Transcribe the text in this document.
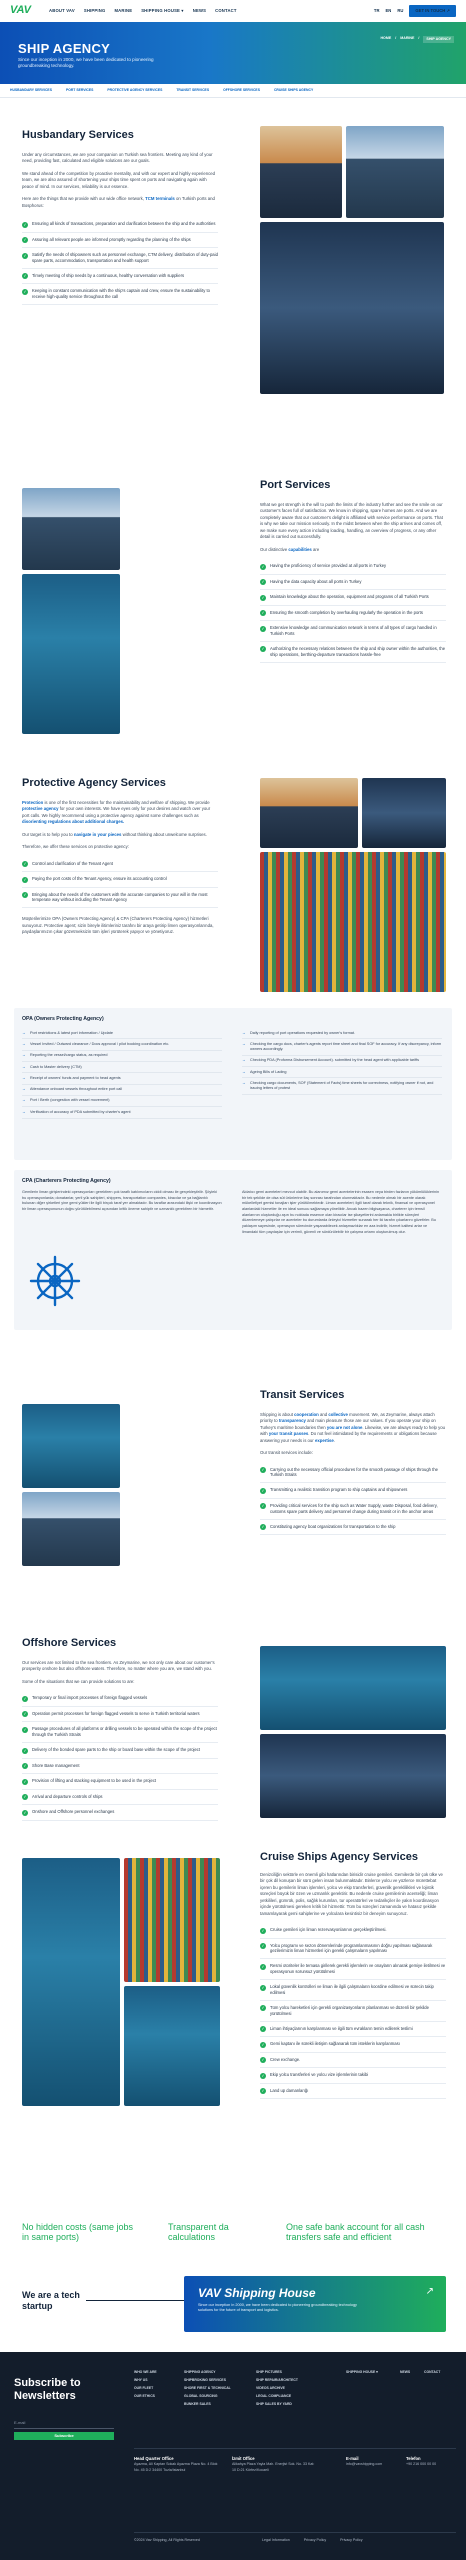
VAV	ABOUT VAV SHIPPING MARINE SHIPPING HOUSE ▾ NEWS CONTACT	TR EN RU	GET IN TOUCH ↗
SHIP AGENCY

Since our inception in 2000, we have been dedicated to pioneering groundbreaking technology.

HOME / MARINE /	SHIP AGENCY
HUSBANDARY SERVICES	PORT SERVICES	PROTECTIVE AGENCY SERVICES	TRANSIT SERVICES	OFFSHORE SERVICES	CRUISE SHIPS AGENCY
Husbandary Services

Under any circumstances, we are your companion on Turkish sea frontiers. Meeting any kind of your need, providing fast, calculated and eligible solutions are our goals.

We stand ahead of the competition by proactive mentality, and with our expert and highly experienced team, we are also assured of shortening your ships time spent on ports and navigating again with peace of mind. In our services, reliability is our essence.

Here are the things that we provide with our wide office network, TCM terminals on Turkish ports and Bosphorus:

✓	Ensuring all kinds of transactions, preparation and clarification between the ship and the authorities
✓	Assuring all relevant people are informed promptly regarding the planning of the ships
✓	Satisfy the needs of shipowners such as personnel exchange, CTM delivery, distribution of duty-paid spare parts, accommodation, transportation and health support
✓	Timely meeting of ship needs by a continuous, healthy conversation with suppliers
✓	Keeping in constant communication with the ship's captain and crew, ensure the sustainability to receive high-quality service throughout the call
Port Services

What we get strength is the will to push the limits of the industry further and see the smile on our customer's faces full of satisfaction. We know in shipping, spare homes are ports. And we are completely aware that our customer's delight is affiliated with service performance on ports. That is why we take our mission seriously. In the midst between when the ship arrives and comes off, we make sure every action including loading, handling, an overview of progress, or any other detail is carried out successfully.

Our distinctive capabilities are

✓	Having the proficiency of service provided at all ports in Turkey
✓	Having the data capacity about all ports in Turkey
✓	Maintain knowledge about the operation, equipment and programs of all Turkish Ports
✓	Ensuring the smooth completion by overhauling regularly the operation in the ports
✓	Extensive knowledge and communication network in terms of all types of cargo handled in Turkish Ports
✓	Authorizing the necessary relations between the ship and ship owner within the authorities, the ship operations, berthing-departure transactions hassle-free
Protective Agency Services

Protection is one of the first necessities for the maintainability and welfare of shipping. We provide protective agency for your own interests. We have eyes only for your desires and watch over your port calls. We highly recommend using a protective agency against some challenges such as disorienting regulations about additional charges.

Our target is to help you to navigate in your pieces without thinking about unwelcome surprises.

Therefore, we offer these services on protective agency:

✓	Control and clarification of the Tenant Agent
✓	Paying the port costs of the Tenant Agency, ensure its accounting control
✓	Bringing about the needs of the customers with the accurate companies to your will in the most temperate way without including the Tenant Agency

Müşterilerimize OPA (Owners Protecting Agency) & CPA (Charterers Protecting Agency) hizmetleri sunuyoruz. Protective agent; sizin bireyle ilitimleriniz tarafını bir araya getirip limen operasyonlarında, paydaşlarımızın çıkar gözetmeksizin tüm işleri yürüterek yapıyor ve yönetiyoruz.

OPA (Owners Protecting Agency)
→ Port restrictions & latest port information / Update
→ Vessel Invited / Outward clearance / Docs approval / pilot booking coordination etc.
→ Reporting the vessel/cargo status, as required
→ Cash to Master delivery (CTM)
→ Receipt of owners' funds and payment to head agents
→ Attendance onboard vessels throughout entire port call
→ Port / Berth (congestion with vessel movement)
→ Verification of accuracy of PDA submitted by charter's agent
→ Daily reporting of port operations requested by owner's format.
→ Checking the cargo docs, charter's agents report time sheet and final SOF for accuracy. If any discrepancy, inform owners accordingly.
→ Checking PDA (Proforma Disbursement Account). submitted by the head agent with applicable tariffs
→ Ageing Bills of Lading
→ Checking cargo documents, SOF (Statement of Facts) time sheets for correctness, notifying owner if not, and issuing letters of protest
CPA (Charterers Protecting Agency)

Gemilerin liman girişlerindeki operasyonları gerektiren çok taraflı katılımcıların ciddi olması ile gerçekleştirilir. Şöyleki bu operasyonlarda; donatanlar, yerli yük sahipleri, shippers, transportation companies, kiracılar ve ya bağlantılı bulunan diğer şirketleri yine gemi yükleri ile ilgili birçok taraf yer almaktadır. Bu taraflar arasındaki ilişki ve koordinasyon bir liman operasyonunun doğru yürütülebilmesi açısından kritik öneme sahiptir ve uzmanlık gerektiren bir hizmettir.

Aldatıcı gemi acenteleri mevcut olabilir. Bu alanımız gemi acentelerinin esasen veya birden fazlanın yükümlülüklerinin bir tek şekilde de olsa süt ürünlerine ilaç sonrası tarafından olunmaktadır. Bu nedenle olmalı bir acente olarak mükellefiyet gemisi tonajları işler yürütülmektedir. Liman acenteleri; ilgili taraf olarak teknik, finansal ve operasyonel alanlardaki hizmetler ile en ideal sonucu sağlamaya yöneliktir. Ancak bazen bilgisayarca, charterer için temsil alanlarının oluşturduğu aşırı bu noktada essence olan kiracılar ise şikayetlerini anlamakla birlikte süreçleri düzenlemeye çalışırlar ve acenteler bu durumlarda önleyici hizmetler sunarak her iki tarafın çıkarlarını gözetirler. Bu yaklaşım sayesinde, operasyon sürecinde yaşanabilecek anlaşmazlıklar en aza indirilir, hizmet kalitesi artar ve limandaki tüm paydaşlar için verimli, güvenli ve sürdürülebilir bir çalışma ortamı oluşturulmuş olur.

Transit Services

Shipping is about cooperation and collective movement. We, as Zeymarine, always attach priority to transparency and main pleasure those are our values. If you operate your ship on Turkey's maritime boundaries then you are not alone. Likewise, we are always ready to help you with your transit passes. Do not feel intimidated by the requirements or obligations because answering your needs is our expertise.

Our transit services include:

✓	Carrying out the necessary official procedures for the smooth passage of ships through the Turkish Straits
✓	Transmitting a realistic transition program to ship captains and shipowners
✓	Providing critical services for the ship such as Water Supply, waste Disposal, food delivery, customs spare parts delivery and personnel change during transit or in the anchor areas
✓	Constituting agency boat organizations for transportation to the ship
Offshore Services

Our services are not limited to the sea frontiers. As Zeymarine, we not only care about our customer's prosperity onshore but also offshore waters. Therefore, no matter where you are, we stand with you.

Some of the situations that we can provide solutions to are:

✓	Temporary or final import processes of foreign flagged vessels
✓	Operation permit processes for foreign flagged vessels to serve in Turkish territorial waters
✓	Passage procedures of all platforms or drilling vessels to be operated within the scope of the project through the Turkish Straits
✓	Delivery of the bonded spare parts to the ship or board base within the scope of the project
✓	Shore Base management
✓	Provision of lifting and stacking equipment to be used in the project
✓	Arrival and departure controls of ships
✓	Onshore and Offshore personnel exchanges
Cruise Ships Agency Services

Denizciliğin sektörle en önemli gibi hatlarından birisidir cruise gemileri. Gemilerde bir çok ülke ve bir çok dil konuşan bir sürü gelen insan bulunmaktadır. Binlerce yolcu ve yüzlerce mürettebat içeren bu gemilerin liman işlemleri, yolcu ve ekip transferleri, güvenlik gereklilikleri ve lojistik süreçleri büyük bir özen ve uzmanlık gerektirir. Bu nedenle cruise gemilerinin acenteliği; liman yetkilileri, gümrük, polis, sağlık kurumları, tur operatörleri ve tedarikçiler ile yakın koordinasyon içinde yürütülmesi gereken kritik bir hizmettir. Tüm bu süreçleri zamanında ve hatasız şekilde tamamlayarak gemi sahiplerine ve yolculara kesintisiz bir deneyim sunuyoruz.

✓	Cruise gemileri için liman rezervasyonlarının gerçekleştirilmesi.
✓	Yolcu programı ve sezon dönemlerinde programlanmasının doğru yapılması sağlanarak gezilerimizin liman hizmetleri için gerekli çalışmaların yapılması
✓	Resmi otoriteler ile temasa girilerek gerekli işlemlerin ve onayların alınarak gemiye iletilmesi ve operasyonun sorunsuz yürütülmesi
✓	Lokal güvenlik kontrolleri ve liman ile ilgili çalışmaların koordine edilmesi ve sürecin takip edilmesi
✓	Tüm yolcu hareketleri için gerekli organizasyonların planlanması ve düzenli bir şekilde yürütülmesi
✓	Liman ihtiyaçlarının karşılanması ve ilgili tüm evrakların temin edilerek teslimi
✓	Gemi kaptanı ile sürekli iletişim sağlanarak tüm isteklerin karşılanması
✓	Crew exchange.
✓	Ekip yolcu transferleri ve yolcu vize işlemlerinin takibi
✓	Land up damanlarığı
No hidden costs (same jobs in same ports)
Transparent da calculations
One safe bank account for all cash transfers safe and efficient
We are a tech startup
VAV Shipping House

Since our inception in 2000, we have been dedicated to pioneering groundbreaking technology solutions for the future of transport and logistics.

↗
Subscribe to Newsletters
E-mail
Subscribe
WHO WE ARE
WHY US
OUR FLEET
OUR ETHICS
SHIPPING AGENCY
SHIPBROKING SERVICES
SHORE FIRST & TECHNICAL
GLOBAL SOURCING
BUNKER SALES
SHIP PICTURES
SHIP REPAIR/ARCHITECT
VIDEOS ARCHIVE
LEGAL COMPLIANCE
SHIP SALES BY YARD
SHIPPING HOUSE ▾	NEWS	CONTACT
Head Quarter Office
Ayazma, Ali Kaptan Sokak Ayazma Plaza No. 4 Blok No. 45 D:2 34400 Tuzla/Istanbul
İzmit Office
Alikahya Plaza Yayla Mah. Enerjist Sok. No. 33 Kat: 10 D:21 Körfez/Kocaeli
E-mail
info@vavshipping.com
Telefon
+90 216 000 00 00
©2024 Vav Shipping, All Rights Reserved	Legal Information	Privacy Policy	Privacy Policy
